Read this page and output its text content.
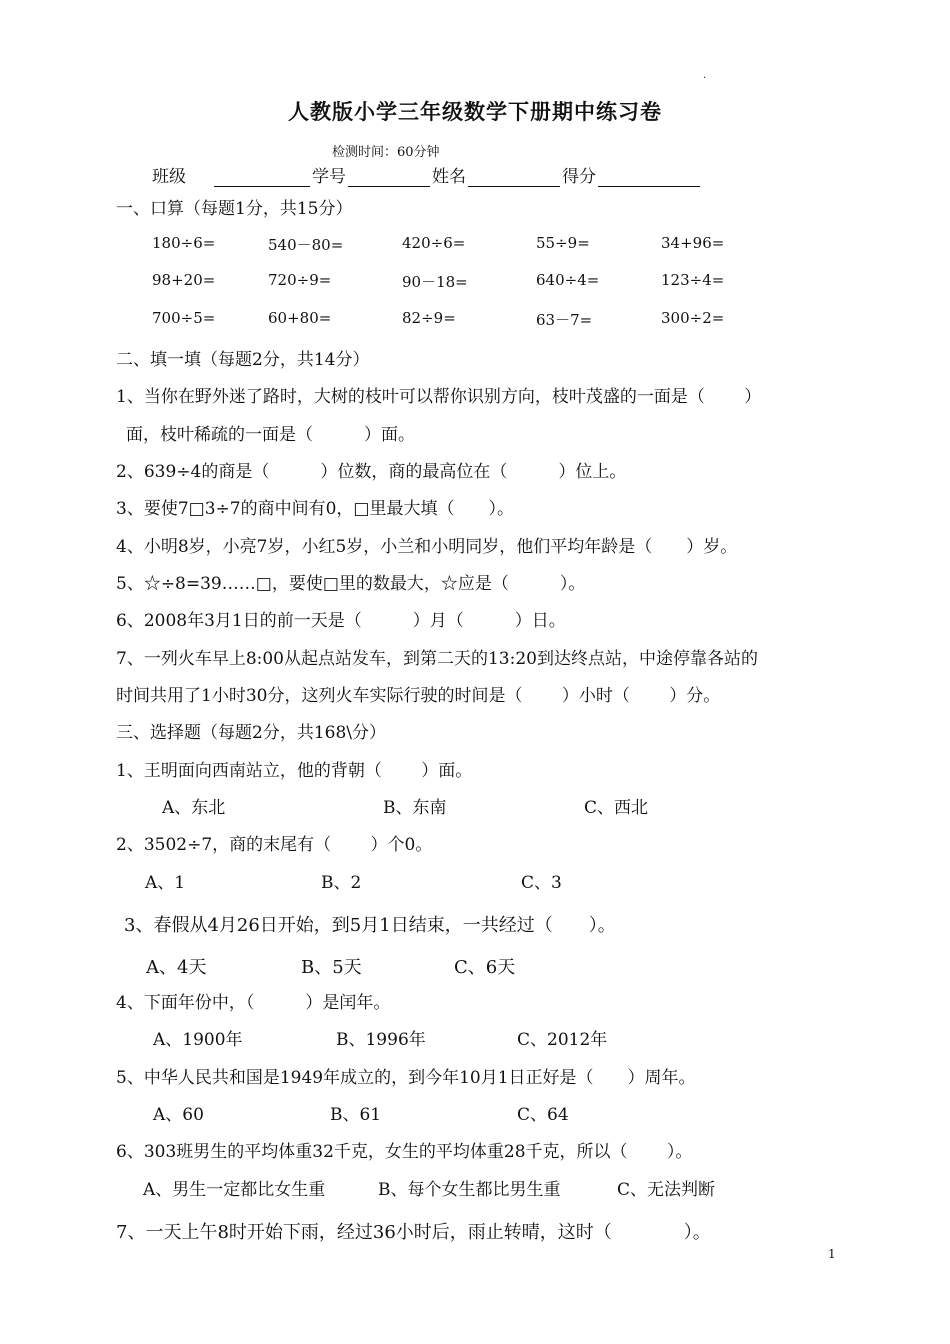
.
人教版小学三年级数学下册期中练习卷
检测时间：60分钟
班级	学号	姓名	得分
一、口算（每题1分，共15分）
180÷6=	540－80=	420÷6=	55÷9=	34+96=
98+20=	720÷9=	90－18=	640÷4=	123÷4=
700÷5=	60+80=	82÷9=	63－7=	300÷2=
二、填一填（每题2分，共14分）
1、当你在野外迷了路时，大树的枝叶可以帮你识别方向，枝叶茂盛的一面是（　　 ）
面，枝叶稀疏的一面是（　　　）面。
2、639÷4的商是（　　　）位数，商的最高位在（　　　）位上。
3、要使7□3÷7的商中间有0，□里最大填（　　）。
4、小明8岁，小亮7岁，小红5岁，小兰和小明同岁，他们平均年龄是（　　）岁。
5、☆÷8=39……□，要使□里的数最大，☆应是（　　　）。
6、2008年3月1日的前一天是（　　　）月（　　　）日。
7、一列火车早上8:00从起点站发车，到第二天的13:20到达终点站，中途停靠各站的
时间共用了1小时30分，这列火车实际行驶的时间是（　　 ）小时（　　 ）分。
三、选择题（每题2分，共168\分）
1、王明面向西南站立，他的背朝（　　 ）面。
A、东北	B、东南	C、西北
2、3502÷7，商的末尾有（　　 ）个0。
A、1	B、2	C、3
3、春假从4月26日开始，到5月1日结束，一共经过（　　）。
A、4天	B、5天	C、6天
4、下面年份中，（　　　）是闰年。
A、1900年	B、1996年	C、2012年
5、中华人民共和国是1949年成立的，到今年10月1日正好是（　　）周年。
A、60	B、61	C、64
6、303班男生的平均体重32千克，女生的平均体重28千克，所以（　　 ）。
A、男生一定都比女生重	B、每个女生都比男生重	C、无法判断
7、一天上午8时开始下雨，经过36小时后，雨止转晴，这时（　　　　）。
1
